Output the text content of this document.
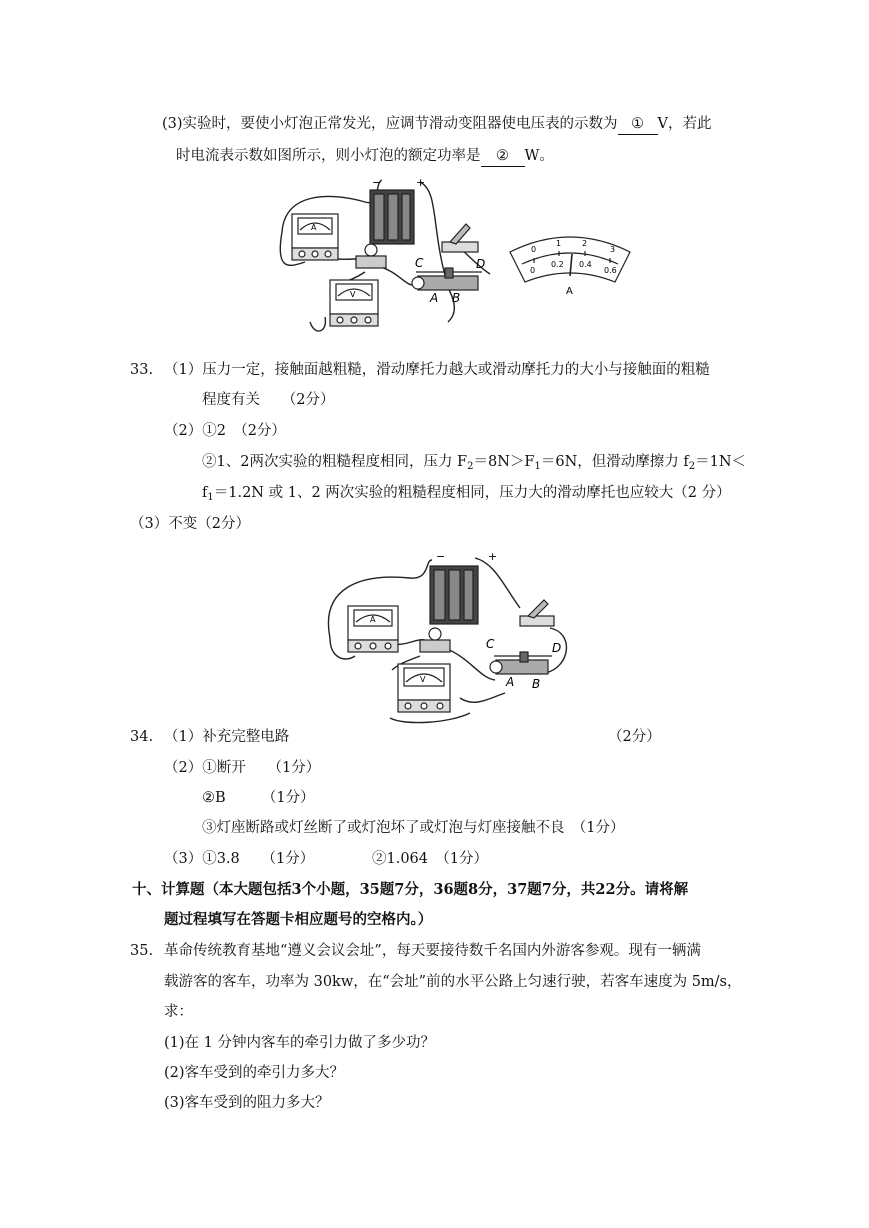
(3)实验时，要使小灯泡正常发光，应调节滑动变阻器使电压表的示数为 ① V，若此
时电流表示数如图所示，则小灯泡的额定功率是 ② W。
A
−	+
V
C	D
A B
0
1	2
3
0
0.2 0.4
0.6
A
33. （1）压力一定，接触面越粗糙，滑动摩托力越大或滑动摩托力的大小与接触面的粗糙
程度有关　　（2分）
（2）①2　（2分）
②1、2两次实验的粗糙程度相同，压力 $F_2=8N>F_1=6N$，但滑动摩擦力 $f_2=1N<$
$f_1=1.2N$ 或 1、2 两次实验的粗糙程度相同，压力大的滑动摩托也应较大（2 分）
（3）不变（2分）
A
−	+
V
C	D
A B
34. （1）补充完整电路	（2分）
（2）①断开　　（1分）
②B　　　（1分）
③灯座断路或灯丝断了或灯泡坏了或灯泡与灯座接触不良　（1分）
（3）①3.8　　（1分）	②1.064　（1分）
十、计算题（本大题包括3个小题，35题7分，36题8分，37题7分，共22分。请将解
题过程填写在答题卡相应题号的空格内。）
35. 革命传统教育基地“遵义会议会址”，每天要接待数千名国内外游客参观。现有一辆满
载游客的客车，功率为 30kw，在“会址”前的水平公路上匀速行驶，若客车速度为 5m/s，
求：
(1)在 1 分钟内客车的牵引力做了多少功？
(2)客车受到的牵引力多大？
(3)客车受到的阻力多大？
